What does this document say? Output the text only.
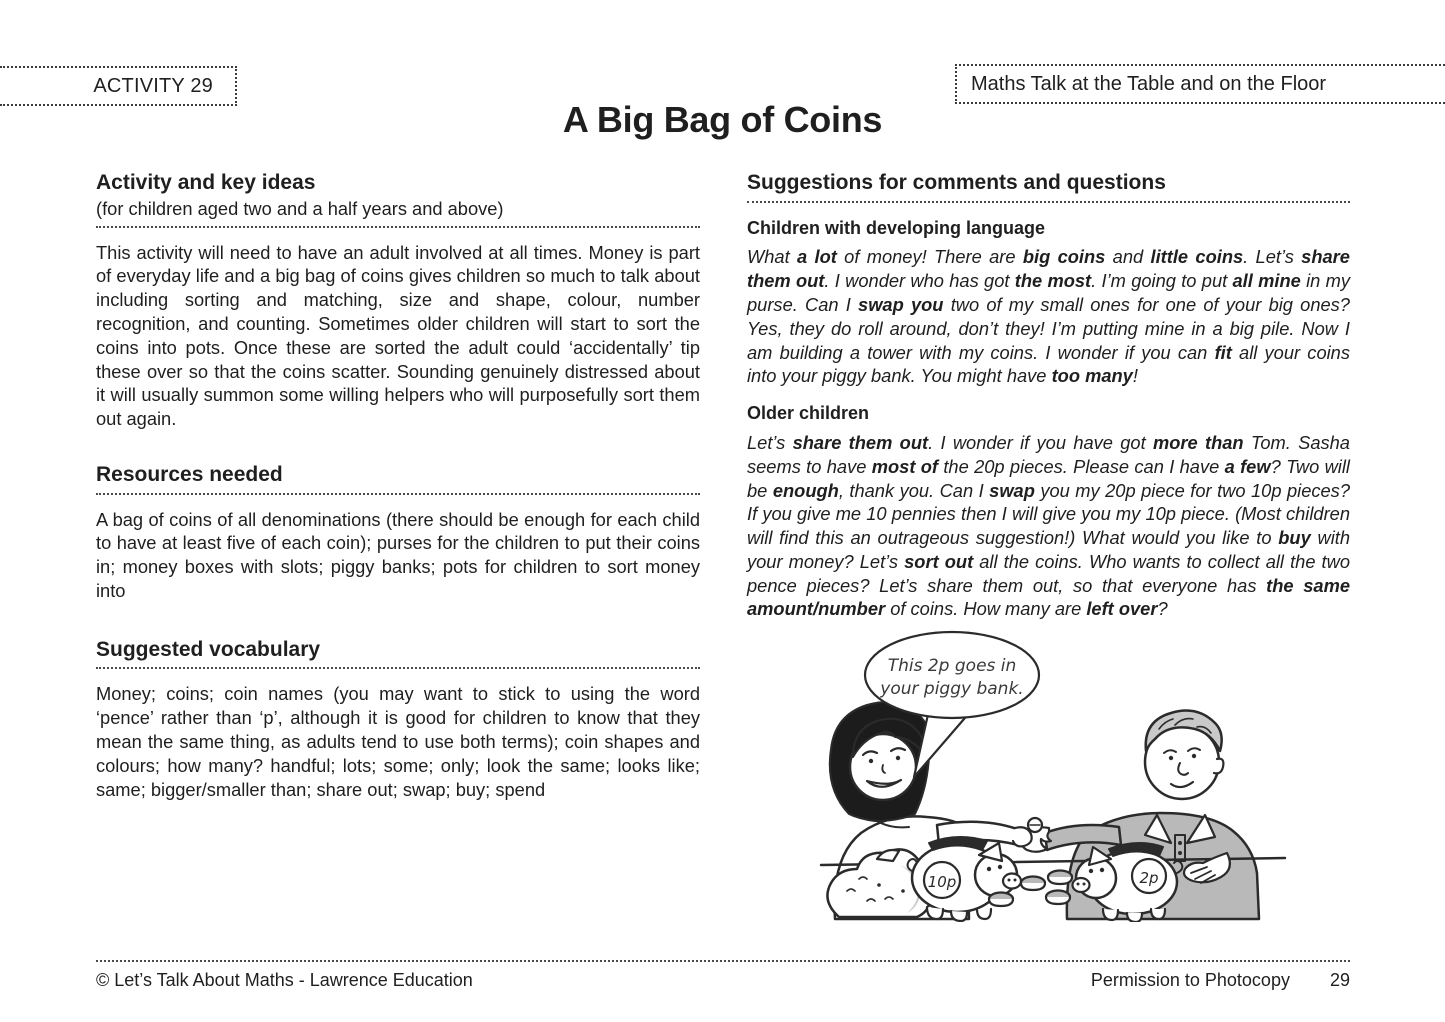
ACTIVITY 29	Maths Talk at the Table and on the Floor
A Big Bag of Coins
Activity and key ideas

(for children aged two and a half years and above)

This activity will need to have an adult involved at all times. Money is part of everyday life and a big bag of coins gives children so much to talk about including sorting and matching, size and shape, colour, number recognition, and counting. Sometimes older children will start to sort the coins into pots. Once these are sorted the adult could ‘accidentally’ tip these over so that the coins scatter. Sounding genuinely distressed about it will usually summon some willing helpers who will purposefully sort them out again.

Resources needed

A bag of coins of all denominations (there should be enough for each child to have at least five of each coin); purses for the children to put their coins in; money boxes with slots; piggy banks; pots for children to sort money into

Suggested vocabulary

Money; coins; coin names (you may want to stick to using the word ‘pence’ rather than ‘p’, although it is good for children to know that they mean the same thing, as adults tend to use both terms); coin shapes and colours; how many? handful; lots; some; only; look the same; looks like; same; bigger/smaller than; share out; swap; buy; spend

Suggestions for comments and questions
Children with developing language

What a lot of money! There are big coins and little coins. Let’s share them out. I wonder who has got the most. I’m going to put all mine in my purse. Can I swap you two of my small ones for one of your big ones? Yes, they do roll around, don’t they! I’m putting mine in a big pile. Now I am building a tower with my coins. I wonder if you can fit all your coins into your piggy bank. You might have too many!

Older children

Let’s share them out. I wonder if you have got more than Tom. Sasha seems to have most of the 20p pieces. Please can I have a few? Two will be enough, thank you. Can I swap you my 20p piece for two 10p pieces? If you give me 10 pennies then I will give you my 10p piece. (Most children will find this an outrageous suggestion!) What would you like to buy with your money? Let’s sort out all the coins. Who wants to collect all the two pence pieces? Let’s share them out, so that everyone has the same amount/number of coins. How many are left over?

10p	2p
This 2p goes in
your piggy bank.
© Let’s Talk About Maths - Lawrence Education	Permission to Photocopy 29
